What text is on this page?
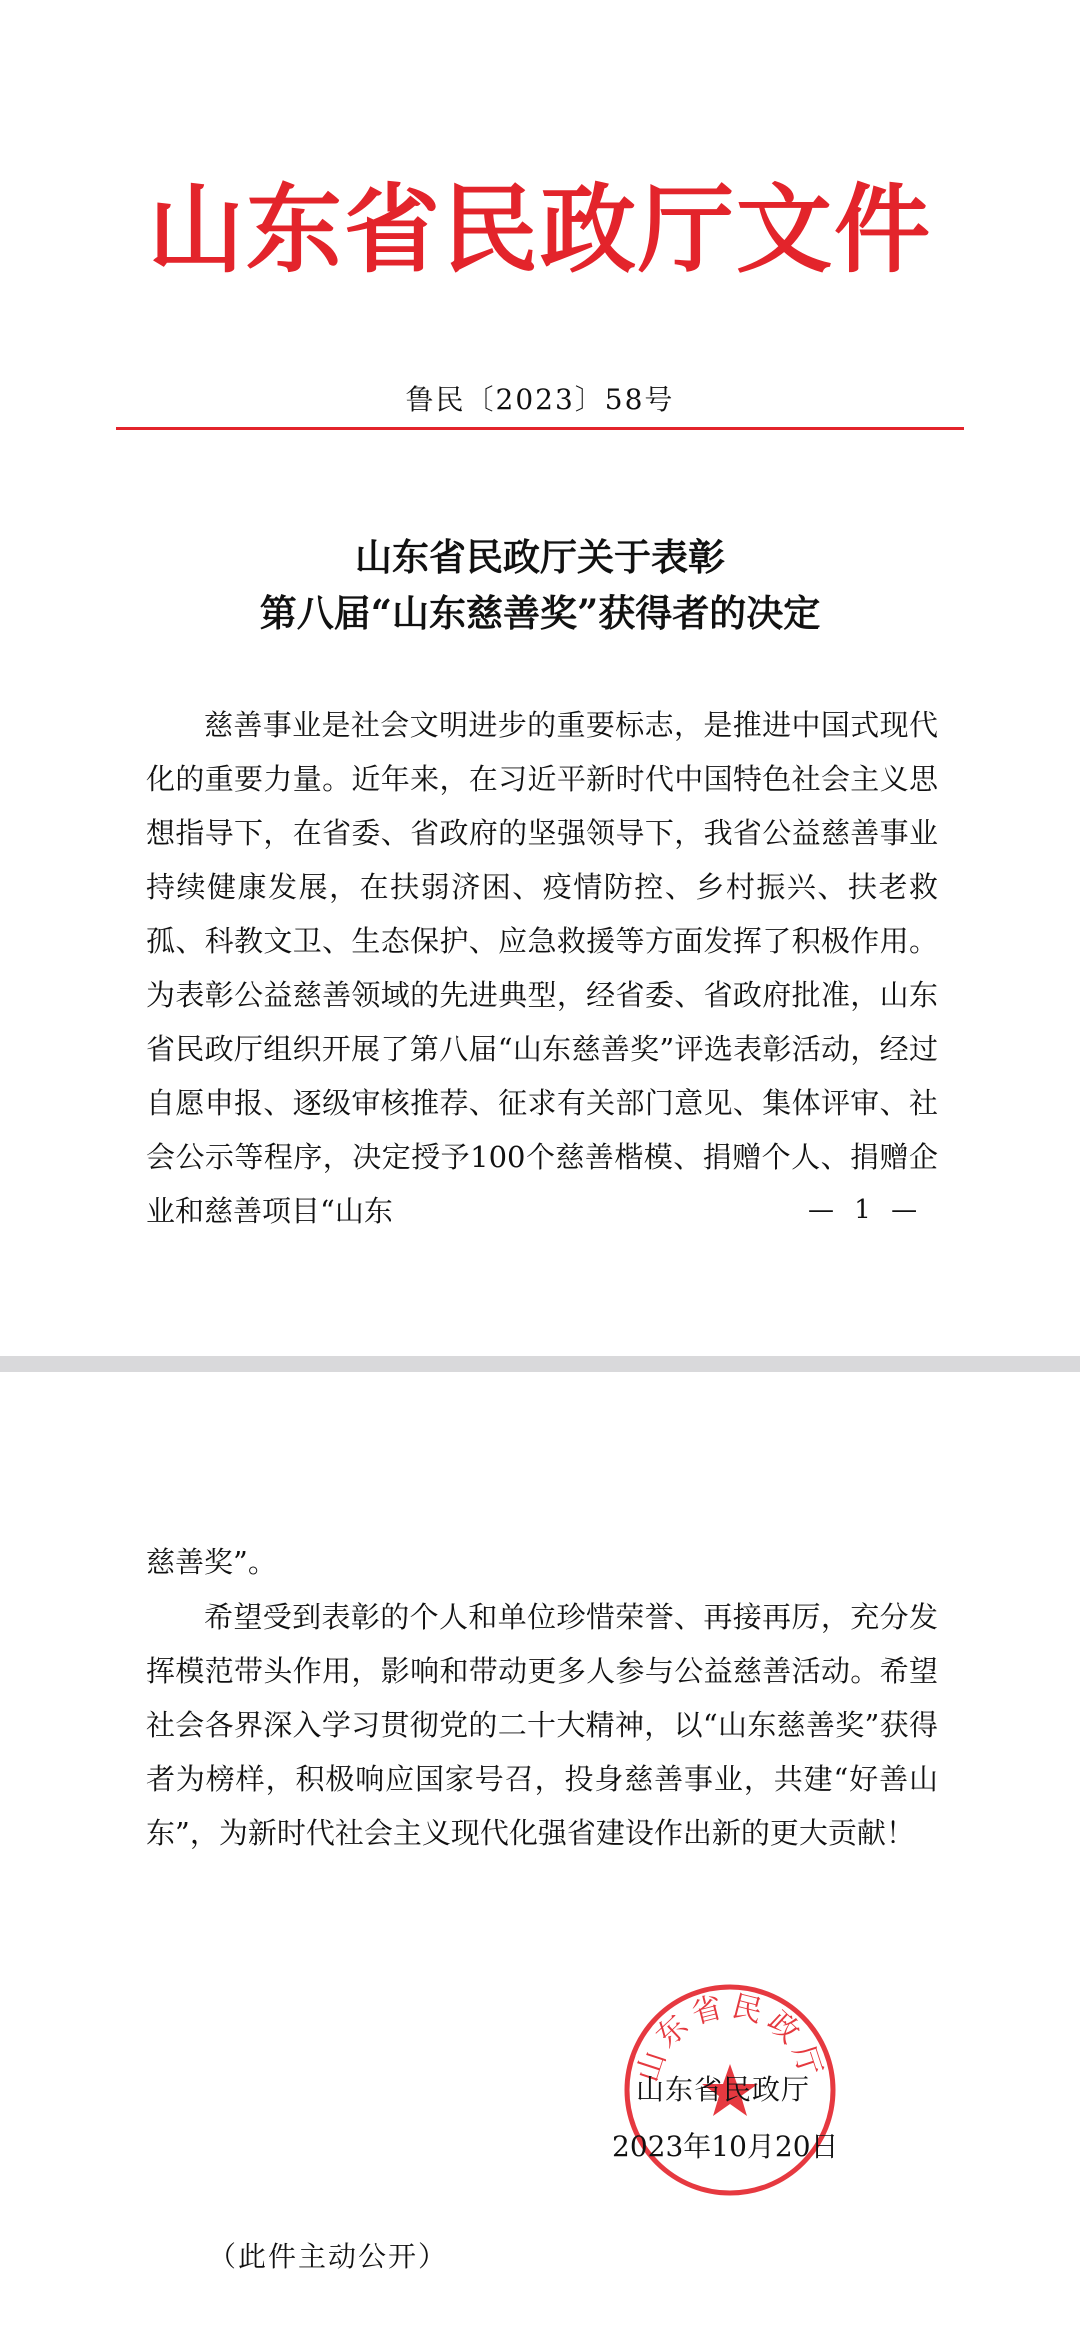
山东省民政厅文件
鲁民〔2023〕58号
山东省民政厅关于表彰
第八届“山东慈善奖”获得者的决定
慈善事业是社会文明进步的重要标志，是推进中国式现代化的重要力量。近年来，在习近平新时代中国特色社会主义思想指导下，在省委、省政府的坚强领导下，我省公益慈善事业持续健康发展，在扶弱济困、疫情防控、乡村振兴、扶老救孤、科教文卫、生态保护、应急救援等方面发挥了积极作用。为表彰公益慈善领域的先进典型，经省委、省政府批准，山东省民政厅组织开展了第八届“山东慈善奖”评选表彰活动，经过自愿申报、逐级审核推荐、征求有关部门意见、集体评审、社会公示等程序，决定授予100个慈善楷模、捐赠个人、捐赠企业和慈善项目“山东	— 1 —
慈善奖”。
希望受到表彰的个人和单位珍惜荣誉、再接再厉，充分发挥模范带头作用，影响和带动更多人参与公益慈善活动。希望社会各界深入学习贯彻党的二十大精神，以“山东慈善奖”获得者为榜样，积极响应国家号召，投身慈善事业，共建“好善山东”，为新时代社会主义现代化强省建设作出新的更大贡献！
山东省民政厅
山东省民政厅
2023年10月20日
（此件主动公开）
